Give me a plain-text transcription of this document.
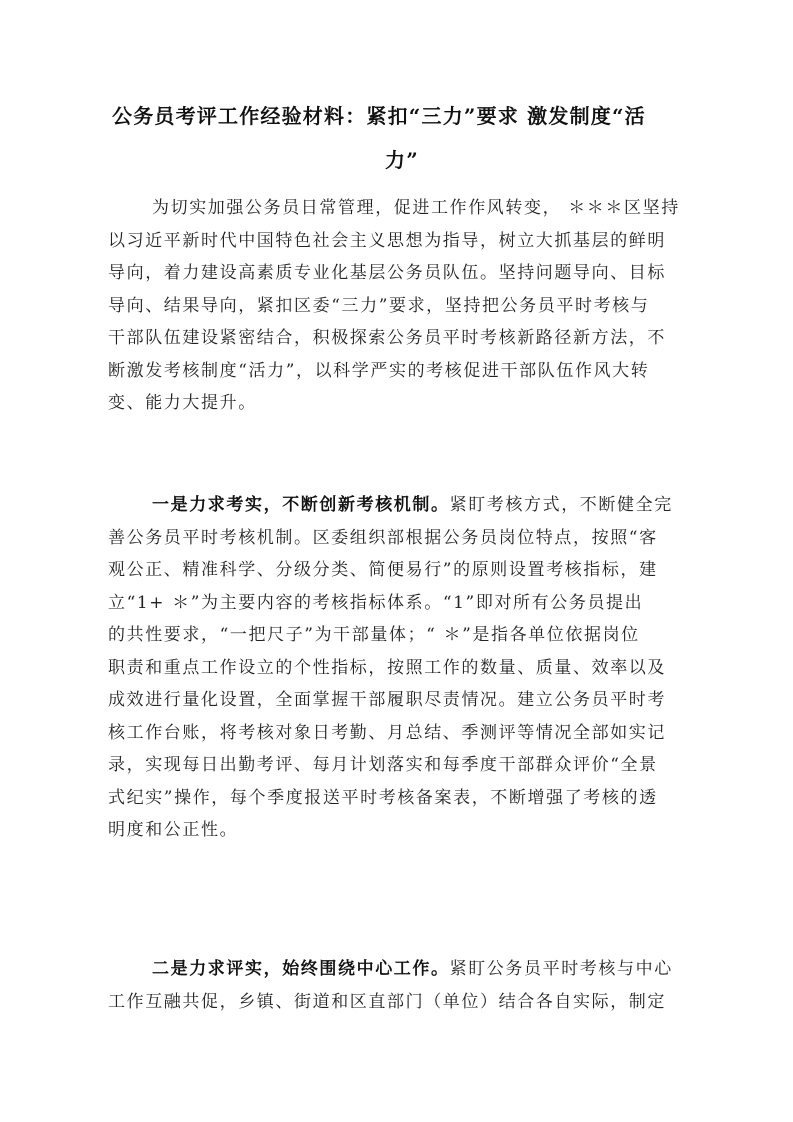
公务员考评工作经验材料：紧扣“三力”要求 激发制度“活
力”

为切实加强公务员日常管理，促进工作作风转变， ＊＊＊区坚持
以习近平新时代中国特色社会主义思想为指导，树立大抓基层的鲜明
导向，着力建设高素质专业化基层公务员队伍。坚持问题导向、目标
导向、结果导向，紧扣区委“三力”要求，坚持把公务员平时考核与
干部队伍建设紧密结合，积极探索公务员平时考核新路径新方法，不
断激发考核制度“活力”，以科学严实的考核促进干部队伍作风大转
变、能力大提升。

一是力求考实，不断创新考核机制。紧盯考核方式，不断健全完
善公务员平时考核机制。区委组织部根据公务员岗位特点，按照“客
观公正、精准科学、分级分类、简便易行”的原则设置考核指标，建
立“1+ ＊”为主要内容的考核指标体系。“1”即对所有公务员提出
的共性要求，“一把尺子”为干部量体；“ ＊”是指各单位依据岗位
职责和重点工作设立的个性指标，按照工作的数量、质量、效率以及
成效进行量化设置，全面掌握干部履职尽责情况。建立公务员平时考
核工作台账，将考核对象日考勤、月总结、季测评等情况全部如实记
录，实现每日出勤考评、每月计划落实和每季度干部群众评价“全景
式纪实”操作，每个季度报送平时考核备案表，不断增强了考核的透
明度和公正性。

二是力求评实，始终围绕中心工作。紧盯公务员平时考核与中心
工作互融共促，乡镇、街道和区直部门（单位）结合各自实际，制定
